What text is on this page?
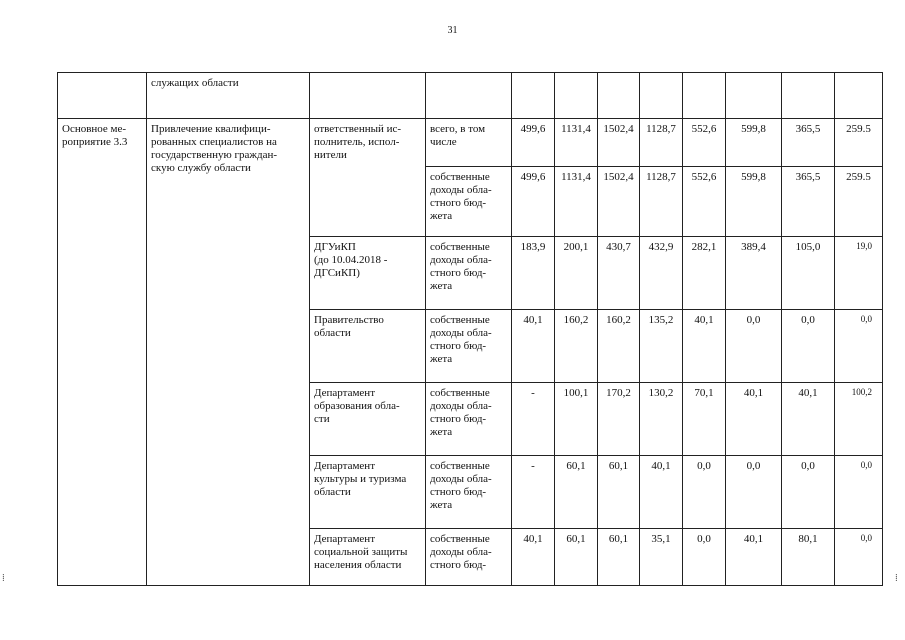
31
	служащих области										
Основное ме-
роприятие 3.3	Привлечение квалифици-
рованных специалистов на
государственную граждан-
скую службу области	ответственный ис-
полнитель, испол-
нители	всего, в том
числе	499,6	1131,4	1502,4	1128,7	552,6	599,8	365,5	259.5
			собственные
доходы обла-
стного бюд-
жета	499,6	1131,4	1502,4	1128,7	552,6	599,8	365,5	259.5
		ДГУиКП
(до 10.04.2018 -
ДГСиКП)	собственные
доходы обла-
стного бюд-
жета	183,9	200,1	430,7	432,9	282,1	389,4	105,0	19,0
		Правительство
области	собственные
доходы обла-
стного бюд-
жета	40,1	160,2	160,2	135,2	40,1	0,0	0,0	0,0
		Департамент
образования обла-
сти	собственные
доходы обла-
стного бюд-
жета	-	100,1	170,2	130,2	70,1	40,1	40,1	100,2
		Департамент
культуры и туризма
области	собственные
доходы обла-
стного бюд-
жета	-	60,1	60,1	40,1	0,0	0,0	0,0	0,0
		Департамент
социальной защиты
населения области	собственные
доходы обла-
стного бюд-	40,1	60,1	60,1	35,1	0,0	40,1	80,1	0,0
⁞	⁞
